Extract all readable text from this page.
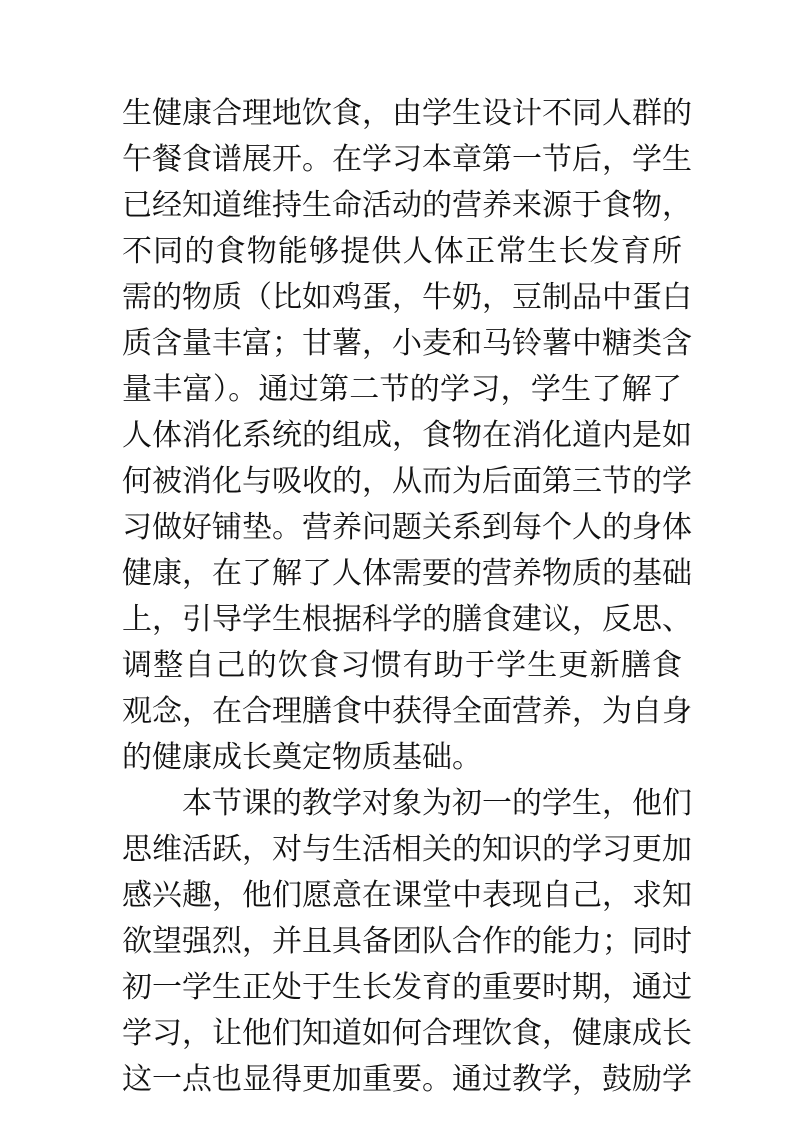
生健康合理地饮食，由学生设计不同人群的
午餐食谱展开。在学习本章第一节后，学生
已经知道维持生命活动的营养来源于食物，
不同的食物能够提供人体正常生长发育所
需的物质（比如鸡蛋，牛奶，豆制品中蛋白
质含量丰富；甘薯，小麦和马铃薯中糖类含
量丰富）。通过第二节的学习，学生了解了
人体消化系统的组成，食物在消化道内是如
何被消化与吸收的，从而为后面第三节的学
习做好铺垫。营养问题关系到每个人的身体
健康，在了解了人体需要的营养物质的基础
上，引导学生根据科学的膳食建议，反思、
调整自己的饮食习惯有助于学生更新膳食
观念，在合理膳食中获得全面营养，为自身
的健康成长奠定物质基础。
本节课的教学对象为初一的学生，他们
思维活跃，对与生活相关的知识的学习更加
感兴趣，他们愿意在课堂中表现自己，求知
欲望强烈，并且具备团队合作的能力；同时
初一学生正处于生长发育的重要时期，通过
学习，让他们知道如何合理饮食，健康成长
这一点也显得更加重要。通过教学，鼓励学
